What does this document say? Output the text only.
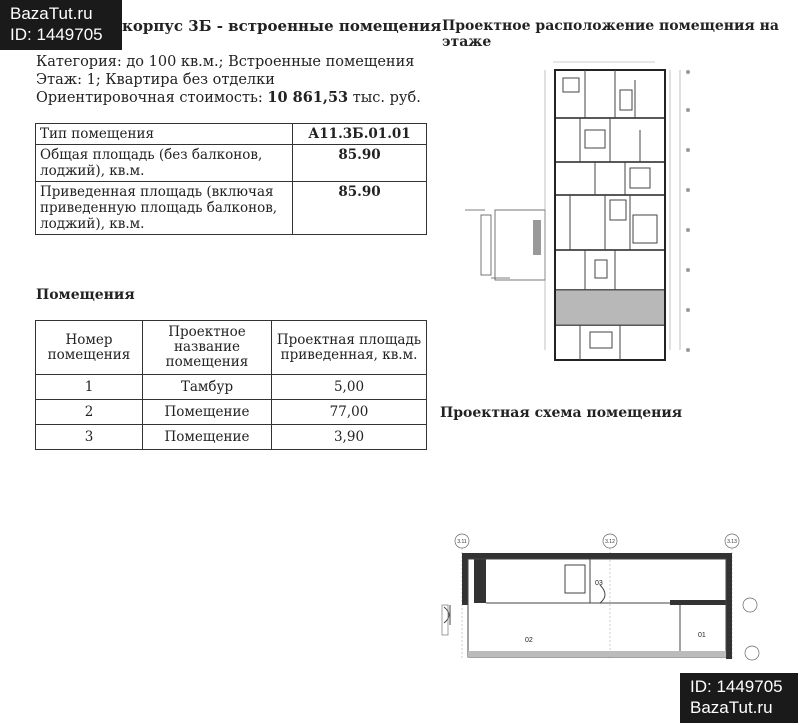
BazaTut.ru
ID: 1449705	корпус 3Б - встроенные помещения
Категория: до 100 кв.м.; Встроенные помещения
Этаж: 1; Квартира без отделки
Ориентировочная стоимость: 10 861,53 тыс. руб.
Тип помещения	А11.3Б.01.01
Общая площадь (без балконов, лоджий), кв.м.	85.90
Приведенная площадь (включая приведенную площадь балконов, лоджий), кв.м.	85.90
Помещения
Номер помещения	Проектное название помещения	Проектная площадь приведенная, кв.м.
1	Тамбур	5,00
2	Помещение	77,00
3	Помещение	3,90
Проектное расположение помещения на этаже
Проектная схема помещения
3.11	3.12	3.13
01
02
03
ID: 1449705
BazaTut.ru
